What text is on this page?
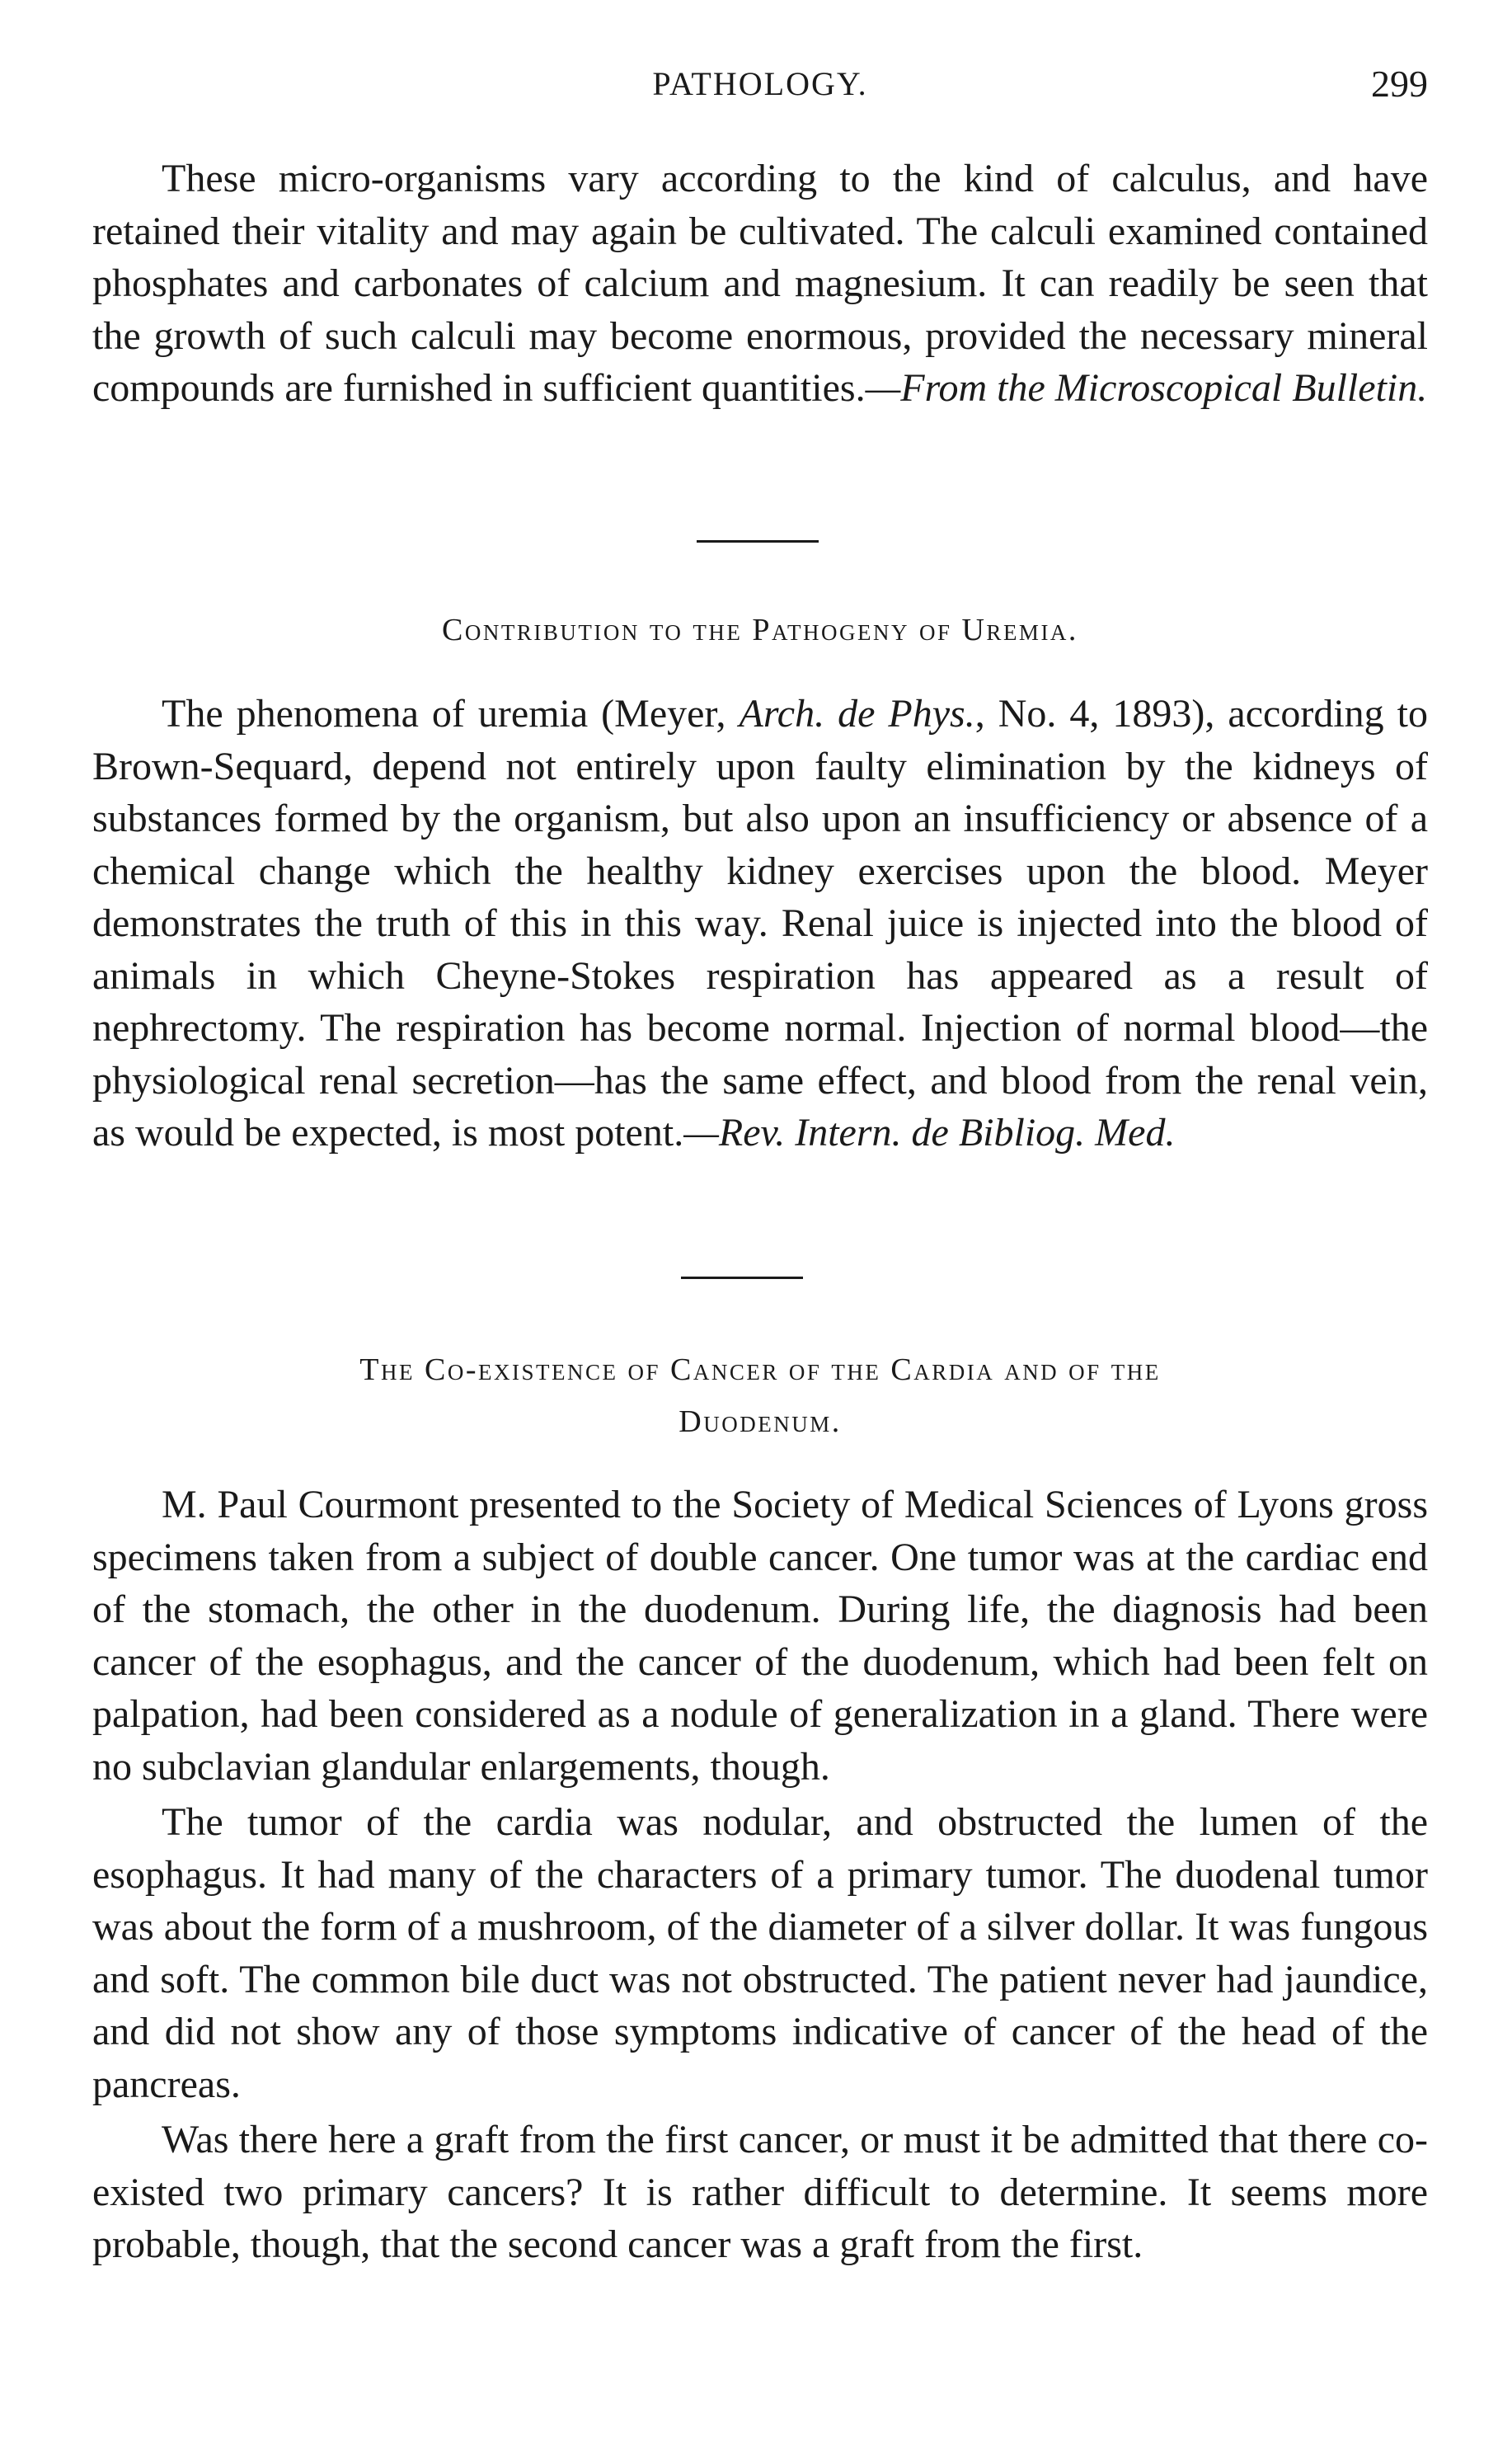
PATHOLOGY.	299

These micro-organisms vary according to the kind of calculus, and have retained their vitality and may again be cultivated. The calculi examined contained phosphates and carbonates of calcium and magnesium. It can readily be seen that the growth of such calculi may become enormous, provided the necessary mineral compounds are furnished in sufficient quantities.—From the Microscopical Bulletin.

Contribution to the Pathogeny of Uremia.

The phenomena of uremia (Meyer, Arch. de Phys., No. 4, 1893), according to Brown-Sequard, depend not entirely upon faulty elimination by the kidneys of substances formed by the organism, but also upon an insufficiency or absence of a chemical change which the healthy kidney exercises upon the blood. Meyer demonstrates the truth of this in this way. Renal juice is injected into the blood of animals in which Cheyne-Stokes respiration has appeared as a result of nephrectomy. The respiration has become normal. Injection of normal blood—the physiological renal secretion—has the same effect, and blood from the renal vein, as would be expected, is most potent.—Rev. Intern. de Bibliog. Med.

The Co-existence of Cancer of the Cardia and of the
Duodenum.

M. Paul Courmont presented to the Society of Medical Sciences of Lyons gross specimens taken from a subject of double cancer. One tumor was at the cardiac end of the stomach, the other in the duodenum. During life, the diagnosis had been cancer of the esophagus, and the cancer of the duodenum, which had been felt on palpation, had been considered as a nodule of generalization in a gland. There were no subclavian glandular enlargements, though.

The tumor of the cardia was nodular, and obstructed the lumen of the esophagus. It had many of the characters of a primary tumor. The duodenal tumor was about the form of a mushroom, of the diameter of a silver dollar. It was fungous and soft. The common bile duct was not obstructed. The patient never had jaundice, and did not show any of those symptoms indicative of cancer of the head of the pancreas.

Was there here a graft from the first cancer, or must it be admitted that there co-existed two primary cancers? It is rather difficult to determine. It seems more probable, though, that the second cancer was a graft from the first.
